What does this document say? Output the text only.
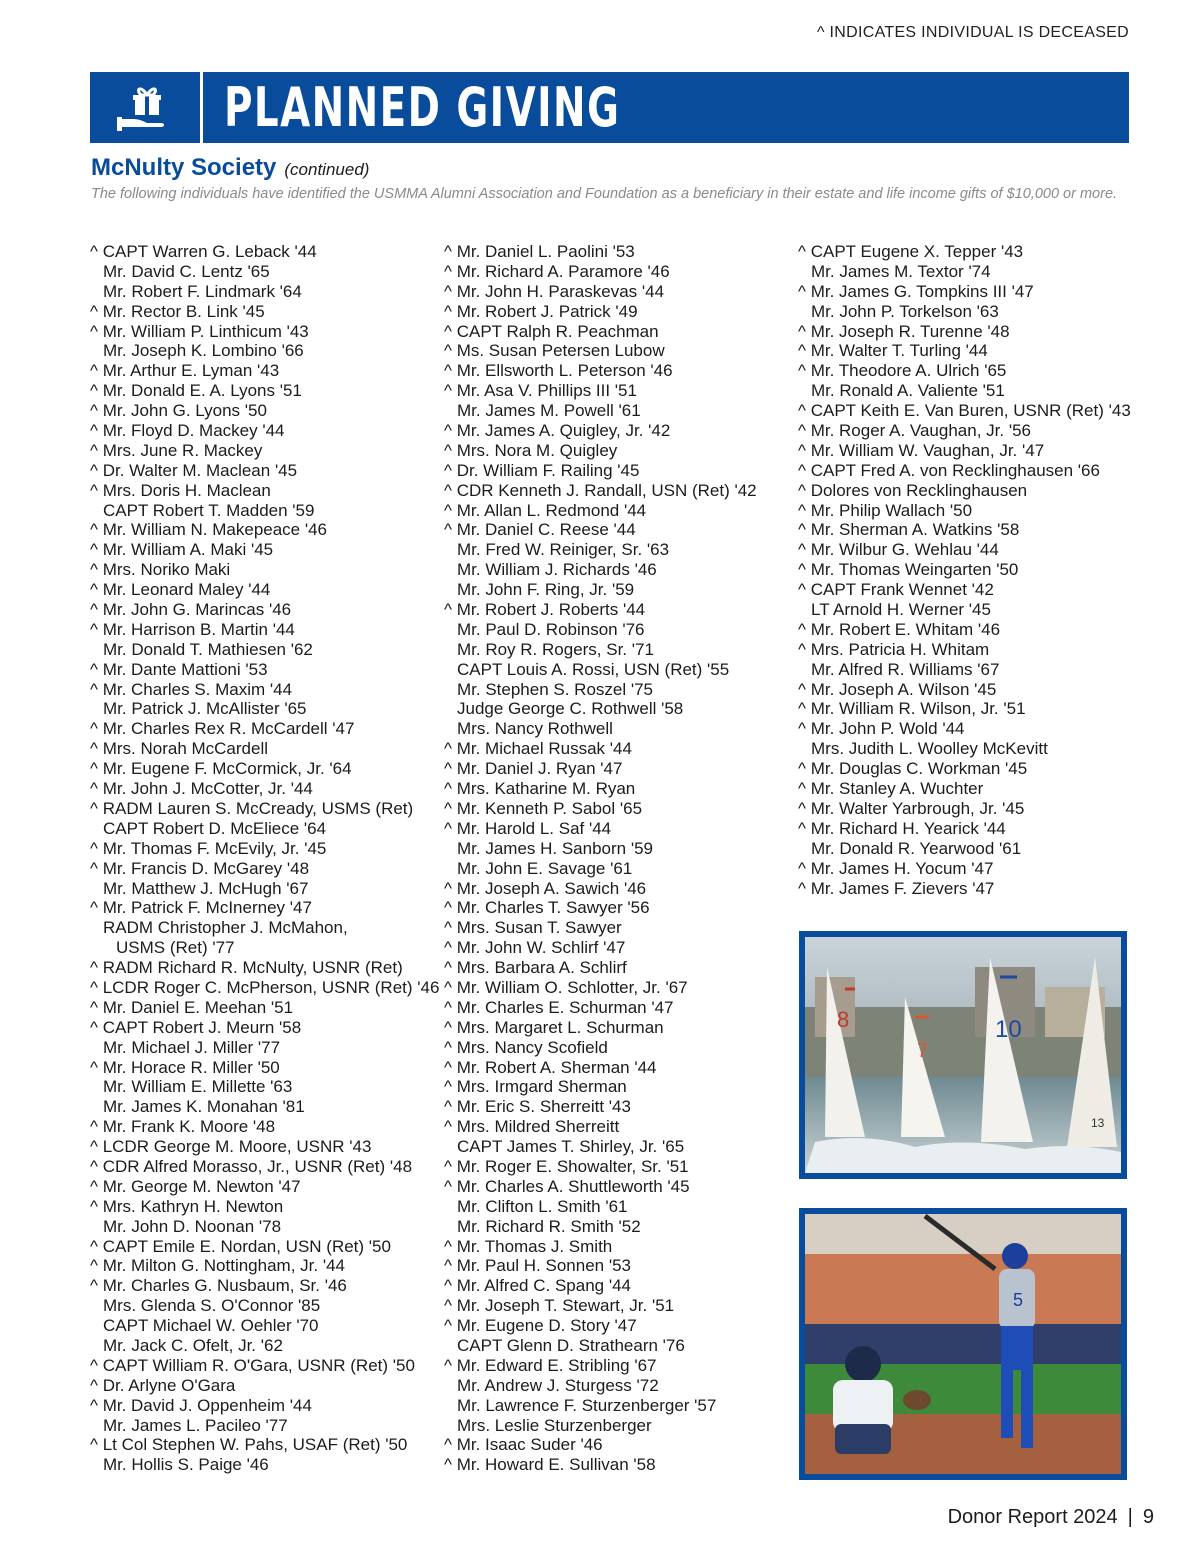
^ INDICATES INDIVIDUAL IS DECEASED
PLANNED GIVING
McNulty Society (continued)
The following individuals have identified the USMMA Alumni Association and Foundation as a beneficiary in their estate and life income gifts of $10,000 or more.
^ CAPT Warren G. Leback '44
Mr. David C. Lentz '65
Mr. Robert F. Lindmark '64
^ Mr. Rector B. Link '45
^ Mr. William P. Linthicum '43
Mr. Joseph K. Lombino '66
^ Mr. Arthur E. Lyman '43
^ Mr. Donald E. A. Lyons '51
^ Mr. John G. Lyons '50
^ Mr. Floyd D. Mackey '44
^ Mrs. June R. Mackey
^ Dr. Walter M. Maclean '45
^ Mrs. Doris H. Maclean
CAPT Robert T. Madden '59
^ Mr. William N. Makepeace '46
^ Mr. William A. Maki '45
^ Mrs. Noriko Maki
^ Mr. Leonard Maley '44
^ Mr. John G. Marincas '46
^ Mr. Harrison B. Martin '44
Mr. Donald T. Mathiesen '62
^ Mr. Dante Mattioni '53
^ Mr. Charles S. Maxim '44
Mr. Patrick J. McAllister '65
^ Mr. Charles Rex R. McCardell '47
^ Mrs. Norah McCardell
^ Mr. Eugene F. McCormick, Jr. '64
^ Mr. John J. McCotter, Jr. '44
^ RADM Lauren S. McCready, USMS (Ret)
CAPT Robert D. McEliece '64
^ Mr. Thomas F. McEvily, Jr. '45
^ Mr. Francis D. McGarey '48
Mr. Matthew J. McHugh '67
^ Mr. Patrick F. McInerney '47
RADM Christopher J. McMahon,
USMS (Ret) '77
^ RADM Richard R. McNulty, USNR (Ret)
^ LCDR Roger C. McPherson, USNR (Ret) '46
^ Mr. Daniel E. Meehan '51
^ CAPT Robert J. Meurn '58
Mr. Michael J. Miller '77
^ Mr. Horace R. Miller '50
Mr. William E. Millette '63
Mr. James K. Monahan '81
^ Mr. Frank K. Moore '48
^ LCDR George M. Moore, USNR '43
^ CDR Alfred Morasso, Jr., USNR (Ret) '48
^ Mr. George M. Newton '47
^ Mrs. Kathryn H. Newton
Mr. John D. Noonan '78
^ CAPT Emile E. Nordan, USN (Ret) '50
^ Mr. Milton G. Nottingham, Jr. '44
^ Mr. Charles G. Nusbaum, Sr. '46
Mrs. Glenda S. O'Connor '85
CAPT Michael W. Oehler '70
Mr. Jack C. Ofelt, Jr. '62
^ CAPT William R. O'Gara, USNR (Ret) '50
^ Dr. Arlyne O'Gara
^ Mr. David J. Oppenheim '44
Mr. James L. Pacileo '77
^ Lt Col Stephen W. Pahs, USAF (Ret) '50
Mr. Hollis S. Paige '46
^ Mr. Daniel L. Paolini '53
^ Mr. Richard A. Paramore '46
^ Mr. John H. Paraskevas '44
^ Mr. Robert J. Patrick '49
^ CAPT Ralph R. Peachman
^ Ms. Susan Petersen Lubow
^ Mr. Ellsworth L. Peterson '46
^ Mr. Asa V. Phillips III '51
Mr. James M. Powell '61
^ Mr. James A. Quigley, Jr. '42
^ Mrs. Nora M. Quigley
^ Dr. William F. Railing '45
^ CDR Kenneth J. Randall, USN (Ret) '42
^ Mr. Allan L. Redmond '44
^ Mr. Daniel C. Reese '44
Mr. Fred W. Reiniger, Sr. '63
Mr. William J. Richards '46
Mr. John F. Ring, Jr. '59
^ Mr. Robert J. Roberts '44
Mr. Paul D. Robinson '76
Mr. Roy R. Rogers, Sr. '71
CAPT Louis A. Rossi, USN (Ret) '55
Mr. Stephen S. Roszel '75
Judge George C. Rothwell '58
Mrs. Nancy Rothwell
^ Mr. Michael Russak '44
^ Mr. Daniel J. Ryan '47
^ Mrs. Katharine M. Ryan
^ Mr. Kenneth P. Sabol '65
^ Mr. Harold L. Saf '44
Mr. James H. Sanborn '59
Mr. John E. Savage '61
^ Mr. Joseph A. Sawich '46
^ Mr. Charles T. Sawyer '56
^ Mrs. Susan T. Sawyer
^ Mr. John W. Schlirf '47
^ Mrs. Barbara A. Schlirf
^ Mr. William O. Schlotter, Jr. '67
^ Mr. Charles E. Schurman '47
^ Mrs. Margaret L. Schurman
^ Mrs. Nancy Scofield
^ Mr. Robert A. Sherman '44
^ Mrs. Irmgard Sherman
^ Mr. Eric S. Sherreitt '43
^ Mrs. Mildred Sherreitt
CAPT James T. Shirley, Jr. '65
^ Mr. Roger E. Showalter, Sr. '51
^ Mr. Charles A. Shuttleworth '45
Mr. Clifton L. Smith '61
Mr. Richard R. Smith '52
^ Mr. Thomas J. Smith
^ Mr. Paul H. Sonnen '53
^ Mr. Alfred C. Spang '44
^ Mr. Joseph T. Stewart, Jr. '51
^ Mr. Eugene D. Story '47
CAPT Glenn D. Strathearn '76
^ Mr. Edward E. Stribling '67
Mr. Andrew J. Sturgess '72
Mr. Lawrence F. Sturzenberger '57
Mrs. Leslie Sturzenberger
^ Mr. Isaac Suder '46
^ Mr. Howard E. Sullivan '58
^ CAPT Eugene X. Tepper '43
Mr. James M. Textor '74
^ Mr. James G. Tompkins III '47
Mr. John P. Torkelson '63
^ Mr. Joseph R. Turenne '48
^ Mr. Walter T. Turling '44
^ Mr. Theodore A. Ulrich '65
Mr. Ronald A. Valiente '51
^ CAPT Keith E. Van Buren, USNR (Ret) '43
^ Mr. Roger A. Vaughan, Jr. '56
^ Mr. William W. Vaughan, Jr. '47
^ CAPT Fred A. von Recklinghausen '66
^ Dolores von Recklinghausen
^ Mr. Philip Wallach '50
^ Mr. Sherman A. Watkins '58
^ Mr. Wilbur G. Wehlau '44
^ Mr. Thomas Weingarten '50
^ CAPT Frank Wennet '42
LT Arnold H. Werner '45
^ Mr. Robert E. Whitam '46
^ Mrs. Patricia H. Whitam
Mr. Alfred R. Williams '67
^ Mr. Joseph A. Wilson '45
^ Mr. William R. Wilson, Jr. '51
^ Mr. John P. Wold '44
Mrs. Judith L. Woolley McKevitt
^ Mr. Douglas C. Workman '45
^ Mr. Stanley A. Wuchter
^ Mr. Walter Yarbrough, Jr. '45
^ Mr. Richard H. Yearick '44
Mr. Donald R. Yearwood '61
^ Mr. James H. Yocum '47
^ Mr. James F. Zievers '47
8
7
10
13
5
Donor Report 2024 | 9
